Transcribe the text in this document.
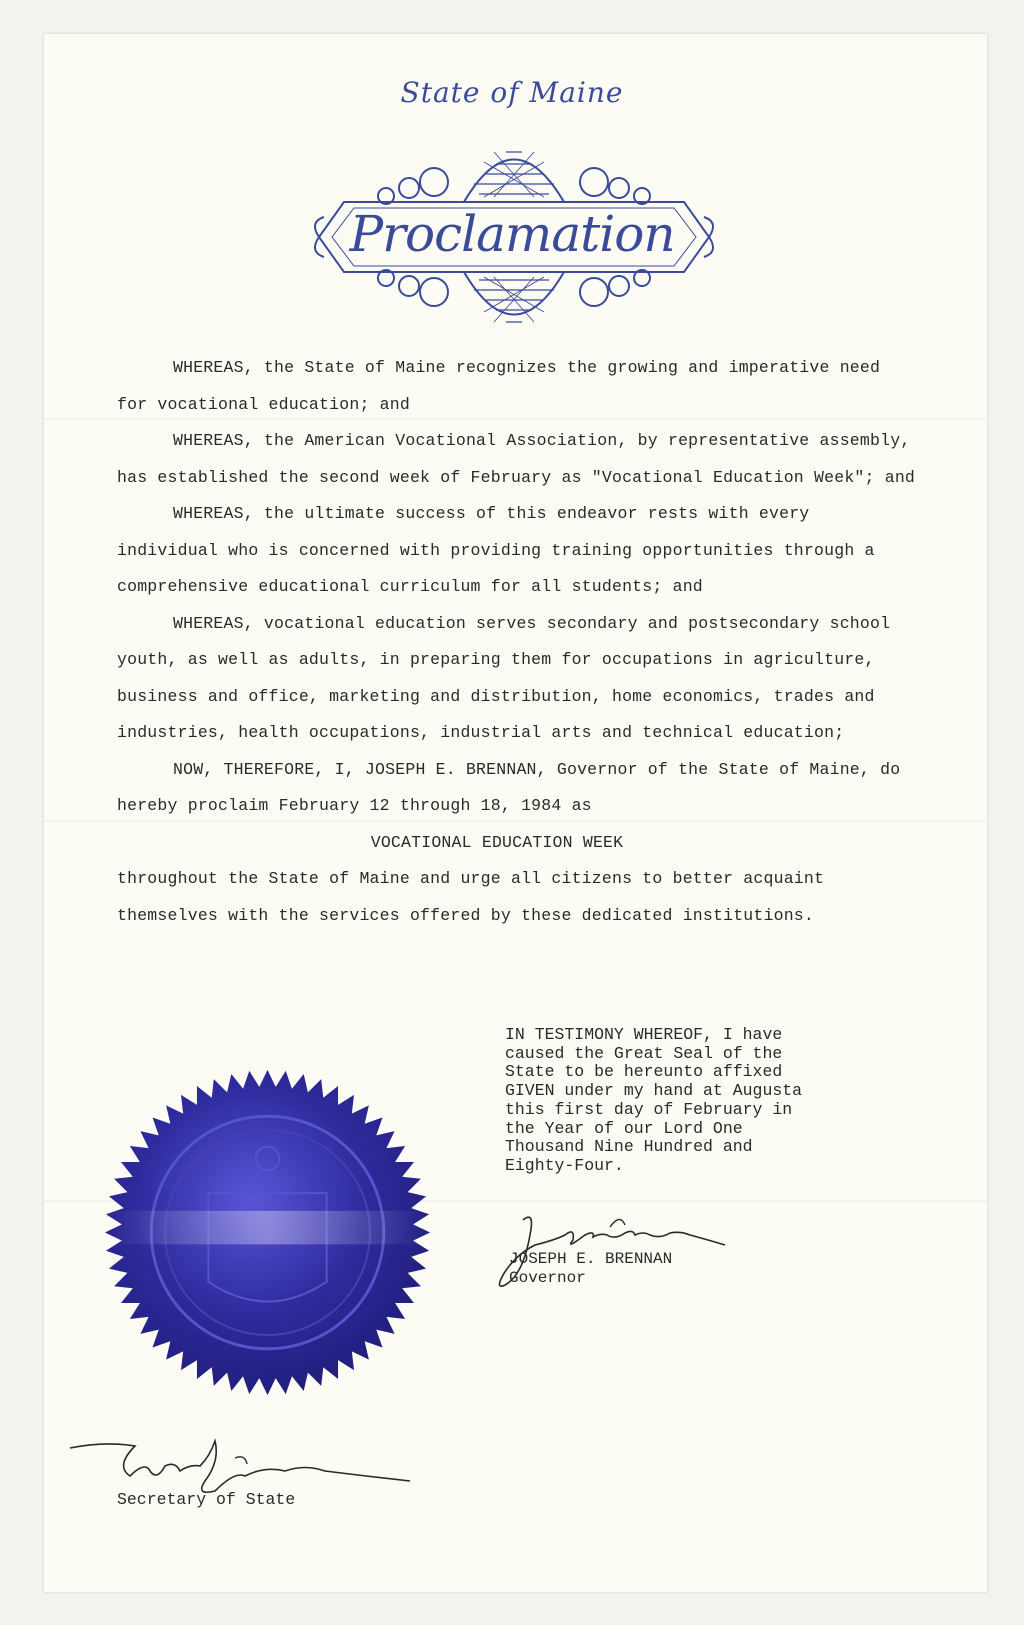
State of Maine
Proclamation

WHEREAS, the State of Maine recognizes the growing and imperative need for vocational education; and

WHEREAS, the American Vocational Association, by representative assembly, has established the second week of February as "Vocational Education Week"; and

WHEREAS, the ultimate success of this endeavor rests with every individual who is concerned with providing training opportunities through a comprehensive educational curriculum for all students; and

WHEREAS, vocational education serves secondary and postsecondary school youth, as well as adults, in preparing them for occupations in agriculture, business and office, marketing and distribution, home economics, trades and industries, health occupations, industrial arts and technical education;

NOW, THEREFORE, I, JOSEPH E. BRENNAN, Governor of the State of Maine, do hereby proclaim February 12 through 18, 1984 as

VOCATIONAL EDUCATION WEEK

throughout the State of Maine and urge all citizens to better acquaint themselves with the services offered by these dedicated institutions.

IN TESTIMONY WHEREOF, I have
caused the Great Seal of the
State to be hereunto affixed
GIVEN under my hand at Augusta
this first day of February in
the Year of our Lord One
Thousand Nine Hundred and
Eighty-Four.
JOSEPH E. BRENNAN
Governor
Secretary of State
